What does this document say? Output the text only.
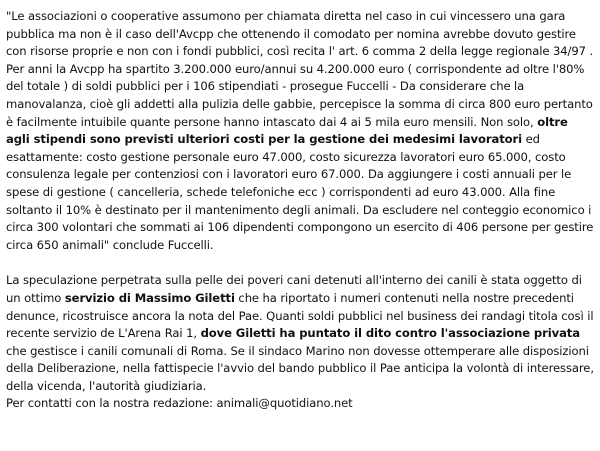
"Le associazioni o cooperative assumono per chiamata diretta nel caso in cui vincessero una gara pubblica ma non è il caso dell'Avcpp che ottenendo il comodato per nomina avrebbe dovuto gestire con risorse proprie e non con i fondi pubblici, così recita l' art. 6 comma 2 della legge regionale 34/97 . Per anni la Avcpp ha spartito 3.200.000 euro/annui su 4.200.000 euro ( corrispondente ad oltre l'80% del totale ) di soldi pubblici per i 106 stipendiati - prosegue Fuccelli - Da considerare che la manovalanza, cioè gli addetti alla pulizia delle gabbie, percepisce la somma di circa 800 euro pertanto è facilmente intuibile quante persone hanno intascato dai 4 ai 5 mila euro mensili. Non solo, oltre agli stipendi sono previsti ulteriori costi per la gestione dei medesimi lavoratori ed esattamente: costo gestione personale euro 47.000, costo sicurezza lavoratori euro 65.000, costo consulenza legale per contenziosi con i lavoratori euro 67.000. Da aggiungere i costi annuali per le spese di gestione ( cancelleria, schede telefoniche ecc ) corrispondenti ad euro 43.000. Alla fine soltanto il 10% è destinato per il mantenimento degli animali. Da escludere nel conteggio economico i circa 300 volontari che sommati ai 106 dipendenti compongono un esercito di 406 persone per gestire circa 650 animali" conclude Fuccelli.

La speculazione perpetrata sulla pelle dei poveri cani detenuti all'interno dei canili è stata oggetto di un ottimo servizio di Massimo Giletti che ha riportato i numeri contenuti nella nostre precedenti denunce, ricostruisce ancora la nota del Pae. Quanti soldi pubblici nel business dei randagi titola così il recente servizio de L'Arena Rai 1, dove Giletti ha puntato il dito contro l'associazione privata che gestisce i canili comunali di Roma. Se il sindaco Marino non dovesse ottemperare alle disposizioni della Deliberazione, nella fattispecie l'avvio del bando pubblico il Pae anticipa la volontà di interessare, della vicenda, l'autorità giudiziaria.

Per contatti con la nostra redazione: animali@quotidiano.net
